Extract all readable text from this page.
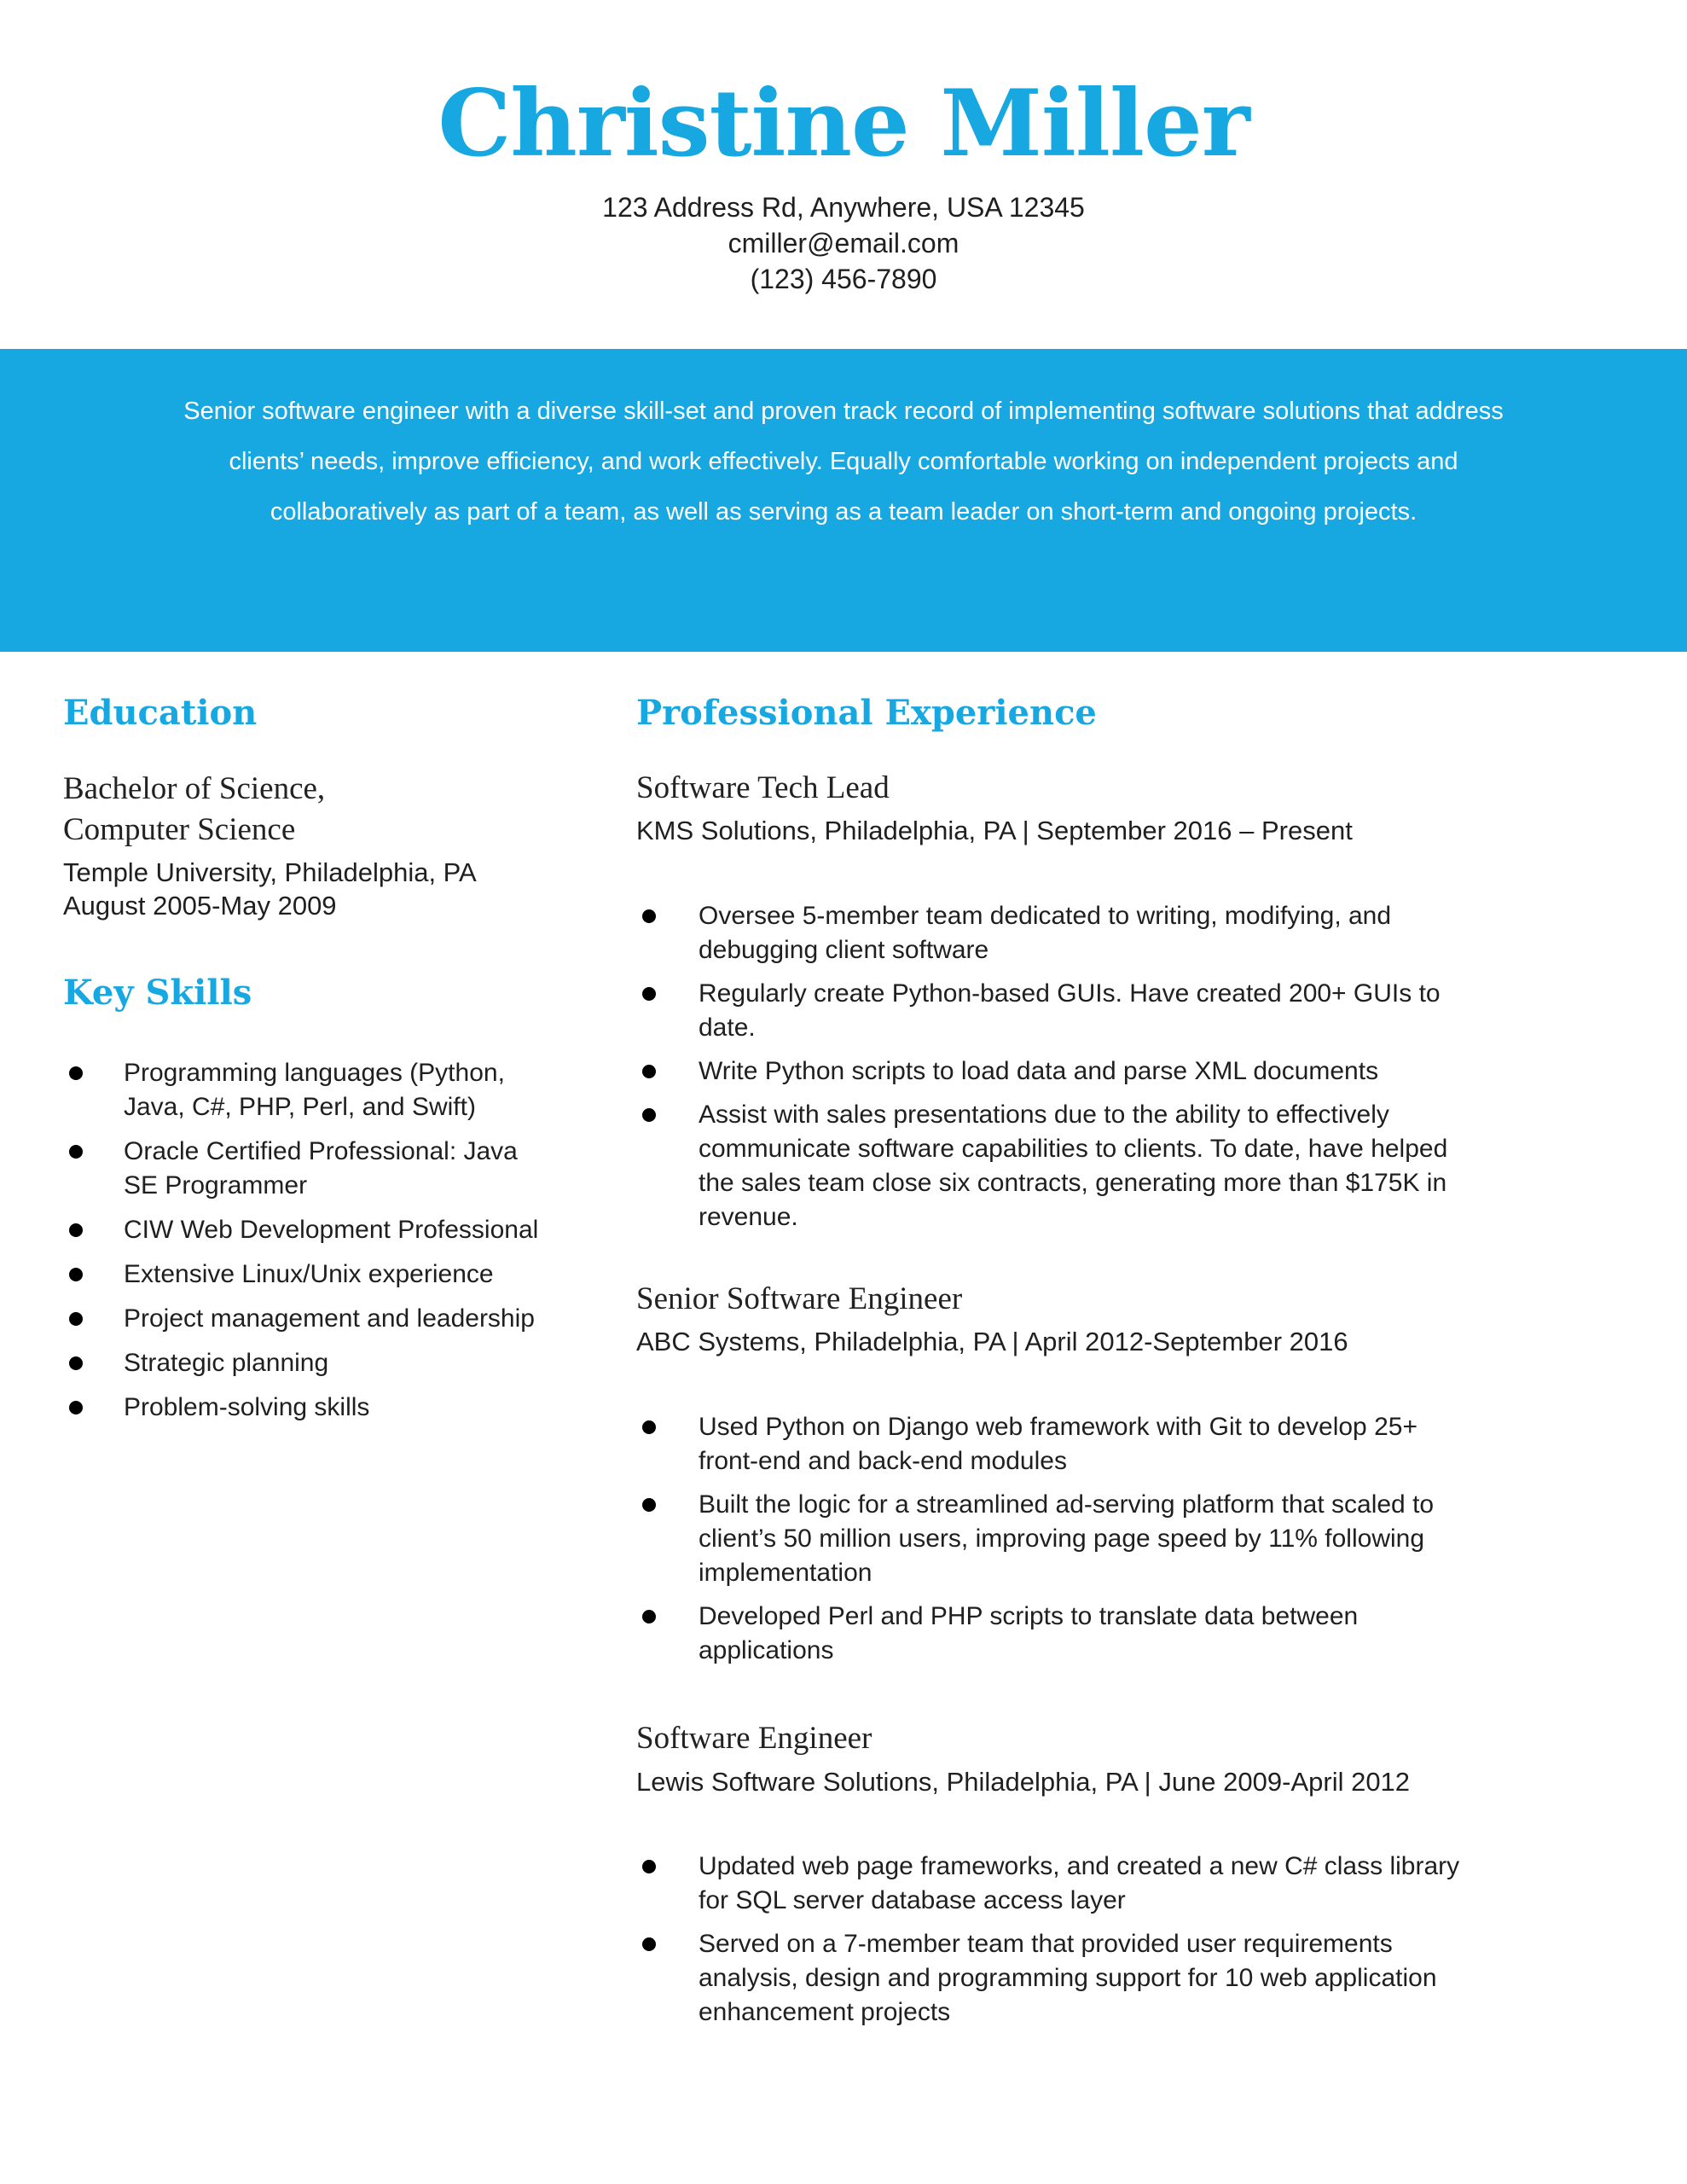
Christine Miller
123 Address Rd, Anywhere, USA 12345
cmiller@email.com
(123) 456-7890
Senior software engineer with a diverse skill-set and proven track record of implementing software solutions that address clients’ needs, improve efficiency, and work effectively. Equally comfortable working on independent projects and collaboratively as part of a team, as well as serving as a team leader on short-term and ongoing projects.
Education
Bachelor of Science,
Computer Science
Temple University, Philadelphia, PA
August 2005-May 2009
Key Skills
Programming languages (Python, Java, C#, PHP, Perl, and Swift)
Oracle Certified Professional: Java SE Programmer
CIW Web Development Professional
Extensive Linux/Unix experience
Project management and leadership
Strategic planning
Problem-solving skills
Professional Experience
Software Tech Lead
KMS Solutions, Philadelphia, PA | September 2016 – Present
Oversee 5-member team dedicated to writing, modifying, and debugging client software
Regularly create Python-based GUIs. Have created 200+ GUIs to date.
Write Python scripts to load data and parse XML documents
Assist with sales presentations due to the ability to effectively communicate software capabilities to clients. To date, have helped the sales team close six contracts, generating more than $175K in revenue.
Senior Software Engineer
ABC Systems, Philadelphia, PA | April 2012-September 2016
Used Python on Django web framework with Git to develop 25+ front-end and back-end modules
Built the logic for a streamlined ad-serving platform that scaled to client’s 50 million users, improving page speed by 11% following implementation
Developed Perl and PHP scripts to translate data between applications
Software Engineer
Lewis Software Solutions, Philadelphia, PA | June 2009-April 2012
Updated web page frameworks, and created a new C# class library for SQL server database access layer
Served on a 7-member team that provided user requirements analysis, design and programming support for 10 web application enhancement projects
